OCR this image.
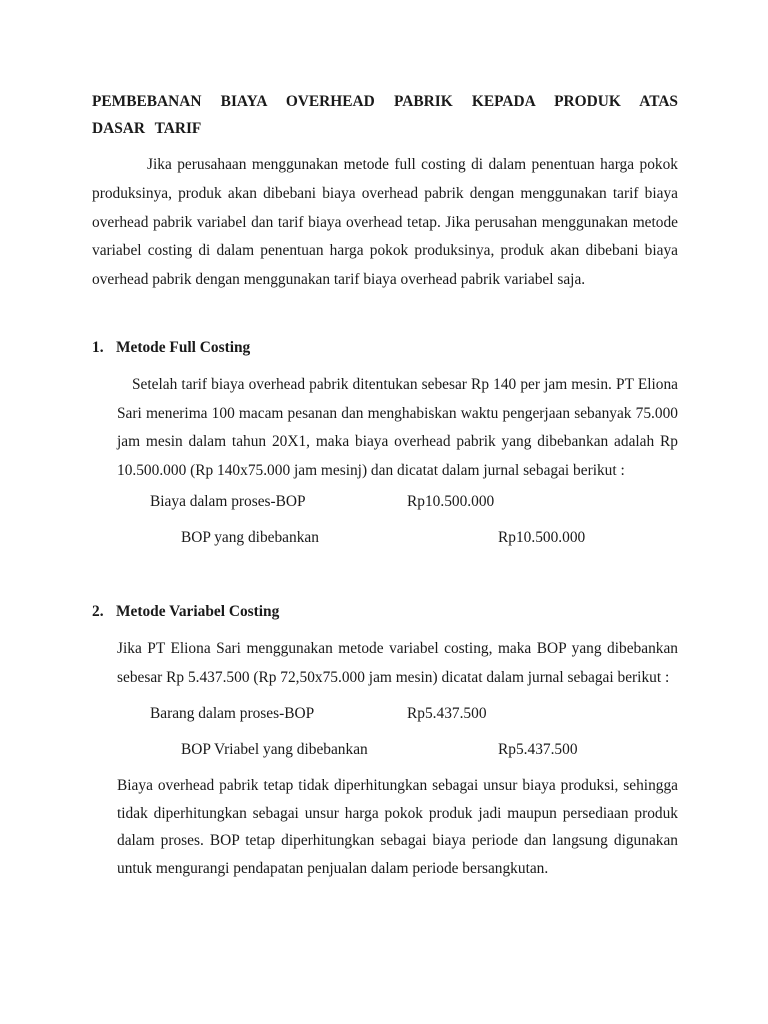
PEMBEBANAN BIAYA OVERHEAD PABRIK KEPADA PRODUK ATAS DASAR TARIF
Jika perusahaan menggunakan metode full costing di dalam penentuan harga pokok produksinya, produk akan dibebani biaya overhead pabrik dengan menggunakan tarif biaya overhead pabrik variabel dan tarif biaya overhead tetap. Jika perusahan menggunakan metode variabel costing di dalam penentuan harga pokok produksinya, produk akan dibebani biaya overhead pabrik dengan menggunakan tarif biaya overhead pabrik variabel saja.
1. Metode Full Costing
Setelah tarif biaya overhead pabrik ditentukan sebesar Rp 140 per jam mesin. PT Eliona Sari menerima 100 macam pesanan dan menghabiskan waktu pengerjaan sebanyak 75.000 jam mesin dalam tahun 20X1, maka biaya overhead pabrik yang dibebankan adalah Rp 10.500.000 (Rp 140x75.000 jam mesinj) dan dicatat dalam jurnal sebagai berikut :
Biaya dalam proses-BOP	Rp10.500.000
BOP yang dibebankan	Rp10.500.000
2. Metode Variabel Costing
Jika PT Eliona Sari menggunakan metode variabel costing, maka BOP yang dibebankan sebesar Rp 5.437.500 (Rp 72,50x75.000 jam mesin) dicatat dalam jurnal sebagai berikut :
Barang dalam proses-BOP	Rp5.437.500
BOP Vriabel yang dibebankan	Rp5.437.500
Biaya overhead pabrik tetap tidak diperhitungkan sebagai unsur biaya produksi, sehingga tidak diperhitungkan sebagai unsur harga pokok produk jadi maupun persediaan produk dalam proses. BOP tetap diperhitungkan sebagai biaya periode dan langsung digunakan untuk mengurangi pendapatan penjualan dalam periode bersangkutan.
